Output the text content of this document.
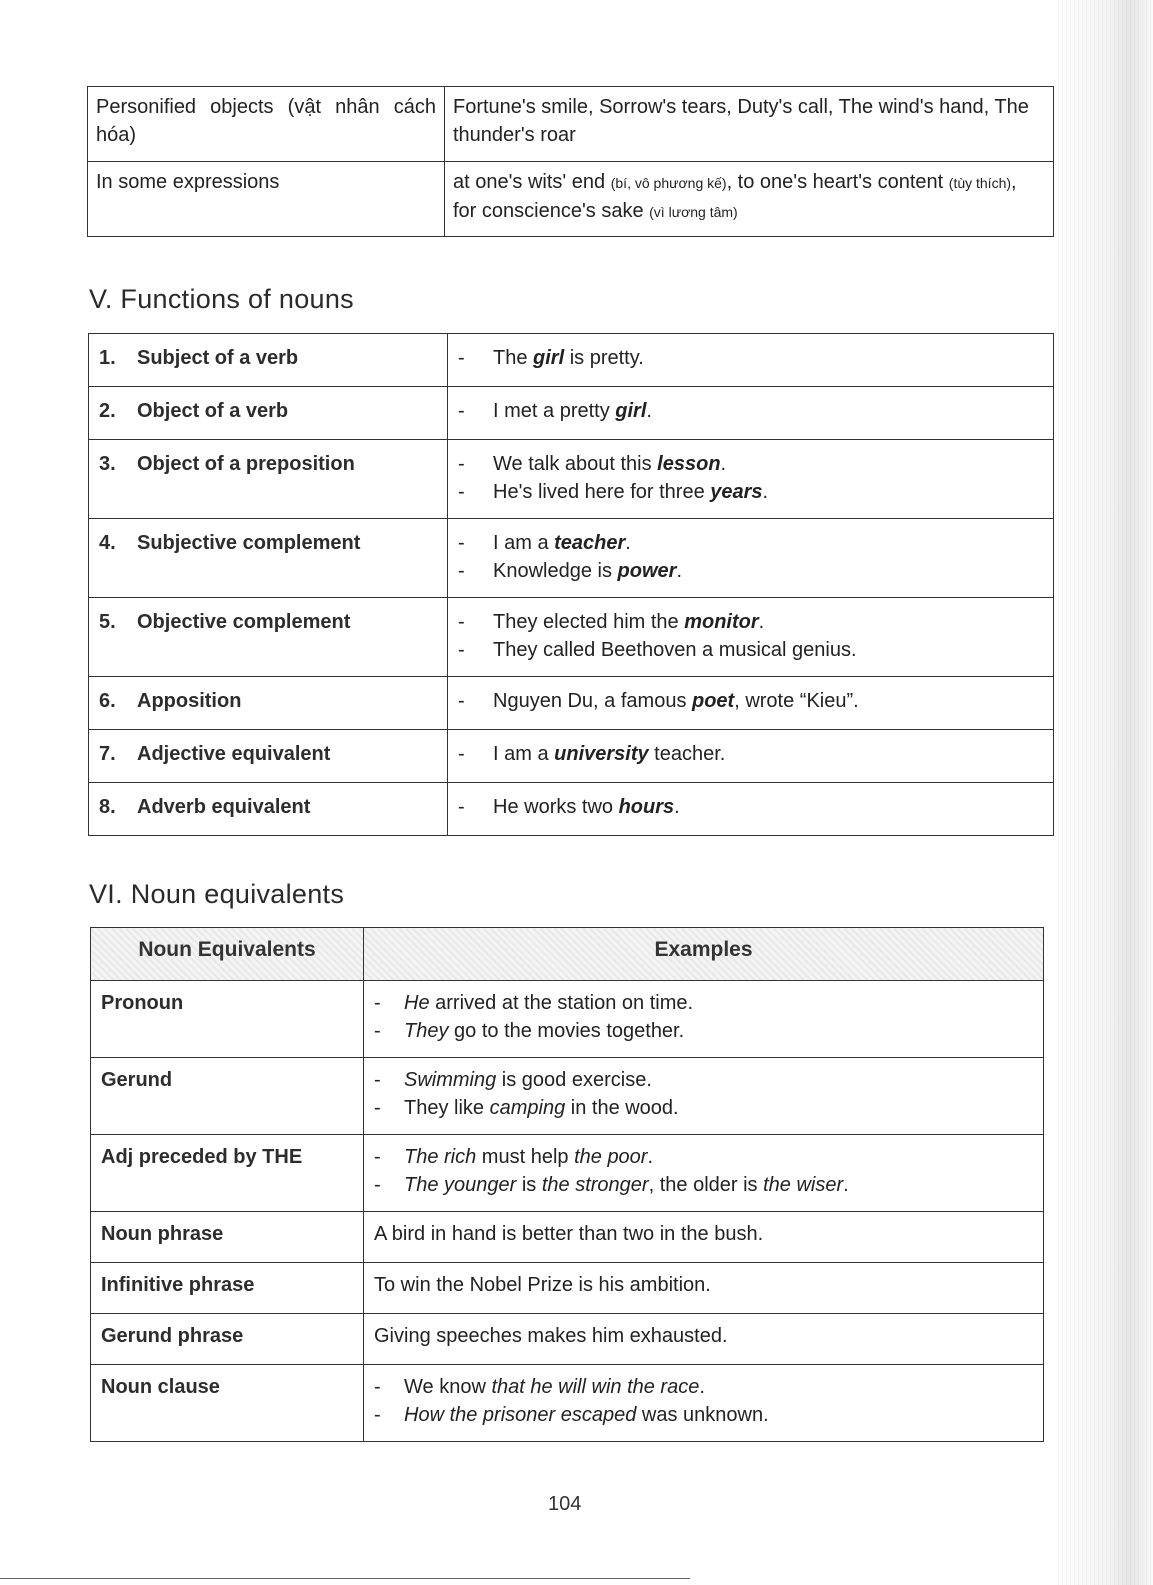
Personified objects (vật nhân cách hóa)	Fortune's smile, Sorrow's tears, Duty's call, The wind's hand, The thunder's roar
In some expressions	at one's wits' end (bí, vô phương kế), to one's heart's content (tùy thích), for conscience's sake (vì lương tâm)
V. Functions of nouns
1. Subject of a verb	- The girl is pretty.

2. Object of a verb	- I met a pretty girl.

3. Object of a preposition	- We talk about this lesson.
- He's lived here for three years.

4. Subjective complement	- I am a teacher.
- Knowledge is power.

5. Objective complement	- They elected him the monitor.
- They called Beethoven a musical genius.

6. Apposition	- Nguyen Du, a famous poet, wrote “Kieu”.

7. Adjective equivalent	- I am a university teacher.

8. Adverb equivalent	- He works two hours.
VI. Noun equivalents
Noun Equivalents	Examples
Pronoun	- He arrived at the station on time.
- They go to the movies together.

Gerund	- Swimming is good exercise.
- They like camping in the wood.

Adj preceded by THE	- The rich must help the poor.
- The younger is the stronger, the older is the wiser.

Noun phrase	A bird in hand is better than two in the bush.
Infinitive phrase	To win the Nobel Prize is his ambition.
Gerund phrase	Giving speeches makes him exhausted.
Noun clause	- We know that he will win the race.
- How the prisoner escaped was unknown.
104
